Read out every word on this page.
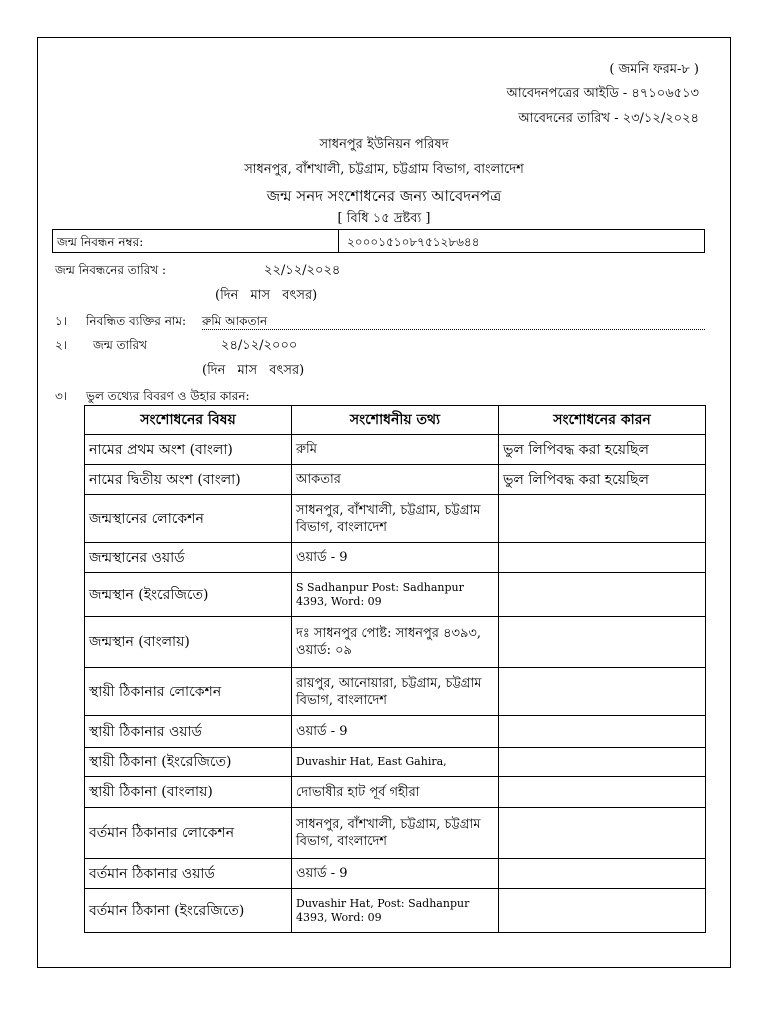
( জমনি ফরম-৮ )
আবেদনপত্রের আইডি - ৪৭১০৬৫১৩
আবেদনের তারিখ - ২৩/১২/২০২৪
সাধনপুর ইউনিয়ন পরিষদ
সাধনপুর, বাঁশখালী, চট্টগ্রাম, চট্টগ্রাম বিভাগ, বাংলাদেশ
জন্ম সনদ সংশোধনের জন্য আবেদনপত্র
[ বিধি ১৫ দ্রষ্টব্য ]
জন্ম নিবন্ধন নম্বর:	২০০০১৫১০৮৭৫১২৮৬৪৪
জন্ম নিবন্ধনের তারিখ :	২২/১২/২০২৪
(দিন মাস বৎসর)
১। নিবন্ধিত ব্যক্তির নাম: রুমি আকতান
২। জন্ম তারিখ	২৪/১২/২০০০
(দিন মাস বৎসর)
৩। ভুল তথ্যের বিবরণ ও উহার কারন:
সংশোধনের বিষয়	সংশোধনীয় তথ্য	সংশোধনের কারন
নামের প্রথম অংশ (বাংলা)	রুমি	ভুল লিপিবদ্ধ করা হয়েছিল
নামের দ্বিতীয় অংশ (বাংলা)	আকতার	ভুল লিপিবদ্ধ করা হয়েছিল
জন্মস্থানের লোকেশন	সাধনপুর, বাঁশখালী, চট্টগ্রাম, চট্টগ্রাম বিভাগ, বাংলাদেশ	
জন্মস্থানের ওয়ার্ড	ওয়ার্ড - 9	
জন্মস্থান (ইংরেজিতে)	S Sadhanpur Post: Sadhanpur 4393, Word: 09	
জন্মস্থান (বাংলায়)	দঃ সাধনপুর পোষ্ট: সাধনপুর ৪৩৯৩, ওয়ার্ড: ০৯	
স্থায়ী ঠিকানার লোকেশন	রায়পুর, আনোয়ারা, চট্টগ্রাম, চট্টগ্রাম বিভাগ, বাংলাদেশ	
স্থায়ী ঠিকানার ওয়ার্ড	ওয়ার্ড - 9	
স্থায়ী ঠিকানা (ইংরেজিতে)	Duvashir Hat, East Gahira,	
স্থায়ী ঠিকানা (বাংলায়)	দোভাষীর হাট পূর্ব গহীরা	
বর্তমান ঠিকানার লোকেশন	সাধনপুর, বাঁশখালী, চট্টগ্রাম, চট্টগ্রাম বিভাগ, বাংলাদেশ	
বর্তমান ঠিকানার ওয়ার্ড	ওয়ার্ড - 9	
বর্তমান ঠিকানা (ইংরেজিতে)	Duvashir Hat, Post: Sadhanpur 4393, Word: 09	
